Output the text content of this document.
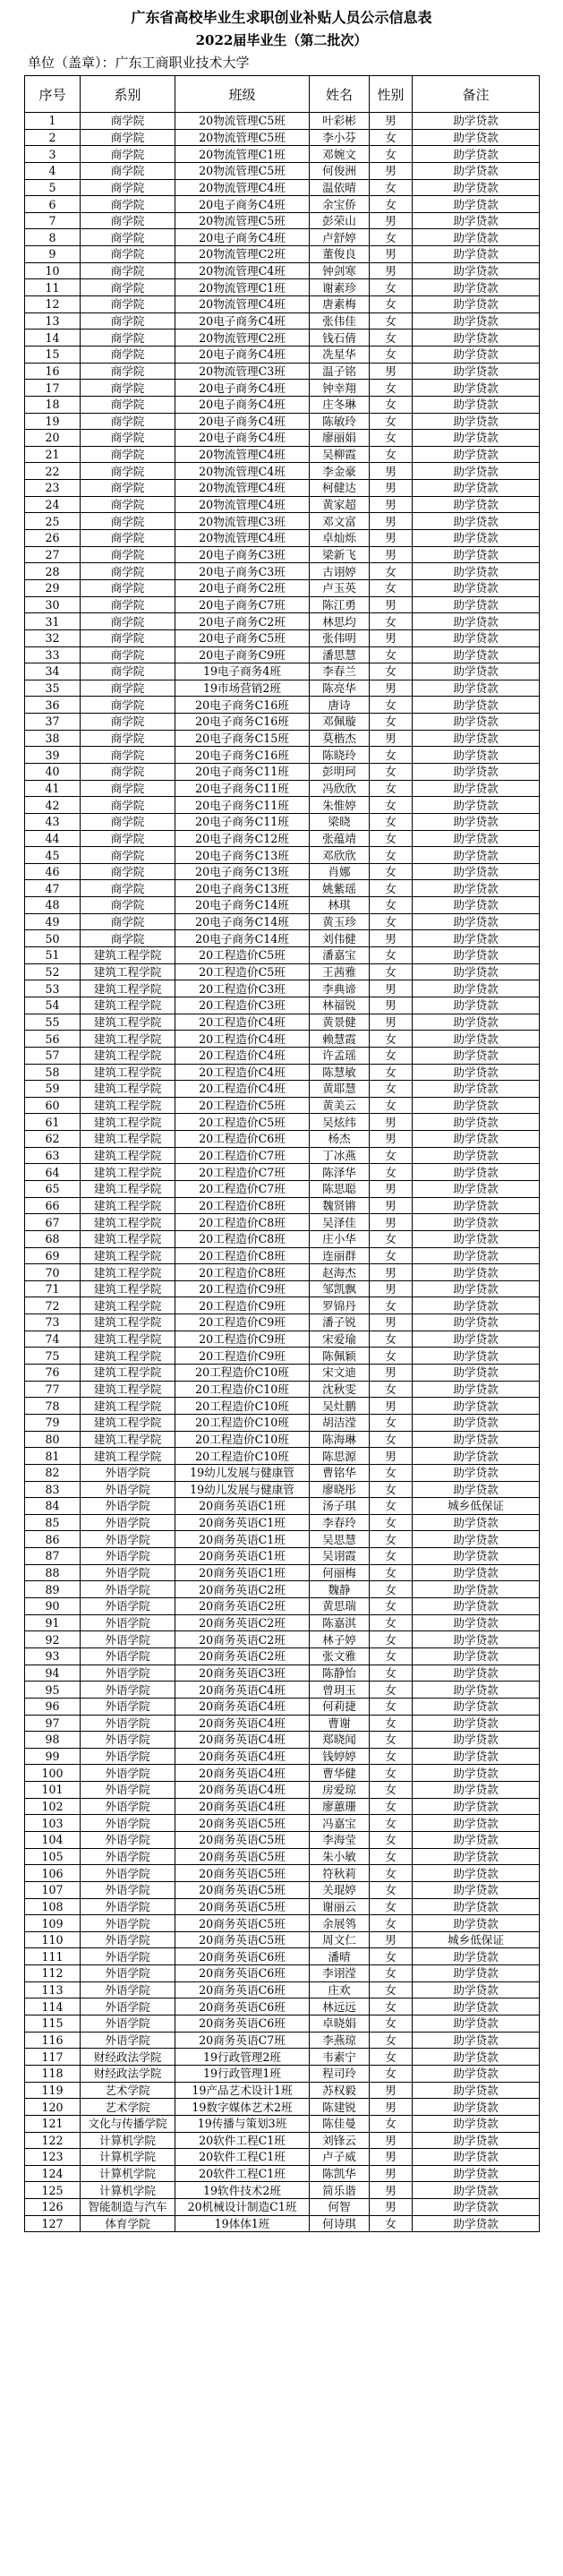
广东省高校毕业生求职创业补贴人员公示信息表
2022届毕业生（第二批次）
单位（盖章）：广东工商职业技术大学
序号	系别	班级	姓名	性别	备注
1	商学院	20物流管理C5班	叶彩彬	男	助学贷款
2	商学院	20物流管理C5班	李小芬	女	助学贷款
3	商学院	20物流管理C1班	邓婉文	女	助学贷款
4	商学院	20物流管理C5班	何俊洲	男	助学贷款
5	商学院	20物流管理C4班	温依晴	女	助学贷款
6	商学院	20电子商务C4班	余宝侨	女	助学贷款
7	商学院	20物流管理C5班	彭荣山	男	助学贷款
8	商学院	20电子商务C4班	卢舒婷	女	助学贷款
9	商学院	20物流管理C2班	董俊良	男	助学贷款
10	商学院	20物流管理C4班	钟剑寒	男	助学贷款
11	商学院	20物流管理C1班	谢素珍	女	助学贷款
12	商学院	20物流管理C4班	唐素梅	女	助学贷款
13	商学院	20电子商务C4班	张伟佳	女	助学贷款
14	商学院	20物流管理C2班	钱石倩	女	助学贷款
15	商学院	20电子商务C4班	冼星华	女	助学贷款
16	商学院	20物流管理C3班	温子铭	男	助学贷款
17	商学院	20电子商务C4班	钟幸翔	女	助学贷款
18	商学院	20电子商务C4班	庄冬琳	女	助学贷款
19	商学院	20电子商务C4班	陈敏玲	女	助学贷款
20	商学院	20电子商务C4班	廖丽娟	女	助学贷款
21	商学院	20物流管理C4班	吴柳霞	女	助学贷款
22	商学院	20物流管理C4班	李金豪	男	助学贷款
23	商学院	20物流管理C4班	柯健达	男	助学贷款
24	商学院	20物流管理C4班	黄家超	男	助学贷款
25	商学院	20物流管理C3班	邓文富	男	助学贷款
26	商学院	20物流管理C4班	卓灿烁	男	助学贷款
27	商学院	20电子商务C3班	梁新飞	男	助学贷款
28	商学院	20电子商务C3班	古诩婷	女	助学贷款
29	商学院	20电子商务C2班	卢玉英	女	助学贷款
30	商学院	20电子商务C7班	陈江勇	男	助学贷款
31	商学院	20电子商务C2班	林思均	女	助学贷款
32	商学院	20电子商务C5班	张伟明	男	助学贷款
33	商学院	20电子商务C9班	潘思慧	女	助学贷款
34	商学院	19电子商务4班	李春兰	女	助学贷款
35	商学院	19市场营销2班	陈亮华	男	助学贷款
36	商学院	20电子商务C16班	唐诗	女	助学贷款
37	商学院	20电子商务C16班	邓佩璇	女	助学贷款
38	商学院	20电子商务C15班	莫楷杰	男	助学贷款
39	商学院	20电子商务C16班	陈晓玲	女	助学贷款
40	商学院	20电子商务C11班	彭明珂	女	助学贷款
41	商学院	20电子商务C11班	冯欣欣	女	助学贷款
42	商学院	20电子商务C11班	朱惟婷	女	助学贷款
43	商学院	20电子商务C11班	梁晓	女	助学贷款
44	商学院	20电子商务C12班	张蕴靖	女	助学贷款
45	商学院	20电子商务C13班	邓欣欣	女	助学贷款
46	商学院	20电子商务C13班	肖娜	女	助学贷款
47	商学院	20电子商务C13班	姚紫瑶	女	助学贷款
48	商学院	20电子商务C14班	林琪	女	助学贷款
49	商学院	20电子商务C14班	黄玉珍	女	助学贷款
50	商学院	20电子商务C14班	刘伟健	男	助学贷款
51	建筑工程学院	20工程造价C5班	潘嘉宝	女	助学贷款
52	建筑工程学院	20工程造价C5班	王茜雅	女	助学贷款
53	建筑工程学院	20工程造价C3班	李典谛	男	助学贷款
54	建筑工程学院	20工程造价C3班	林福锐	男	助学贷款
55	建筑工程学院	20工程造价C4班	黄景健	男	助学贷款
56	建筑工程学院	20工程造价C4班	赖慧霞	女	助学贷款
57	建筑工程学院	20工程造价C4班	许孟瑶	女	助学贷款
58	建筑工程学院	20工程造价C4班	陈慧敏	女	助学贷款
59	建筑工程学院	20工程造价C4班	黄耶慧	女	助学贷款
60	建筑工程学院	20工程造价C5班	黄美云	女	助学贷款
61	建筑工程学院	20工程造价C5班	吴炫纬	男	助学贷款
62	建筑工程学院	20工程造价C6班	杨杰	男	助学贷款
63	建筑工程学院	20工程造价C7班	丁冰燕	女	助学贷款
64	建筑工程学院	20工程造价C7班	陈泽华	女	助学贷款
65	建筑工程学院	20工程造价C7班	陈思聪	男	助学贷款
66	建筑工程学院	20工程造价C8班	魏贤锵	男	助学贷款
67	建筑工程学院	20工程造价C8班	吴泽佳	男	助学贷款
68	建筑工程学院	20工程造价C8班	庄小华	女	助学贷款
69	建筑工程学院	20工程造价C8班	连丽群	女	助学贷款
70	建筑工程学院	20工程造价C8班	赵海杰	男	助学贷款
71	建筑工程学院	20工程造价C9班	邹凯飘	男	助学贷款
72	建筑工程学院	20工程造价C9班	罗锦丹	女	助学贷款
73	建筑工程学院	20工程造价C9班	潘子锐	男	助学贷款
74	建筑工程学院	20工程造价C9班	宋爱瑜	女	助学贷款
75	建筑工程学院	20工程造价C9班	陈佩颖	女	助学贷款
76	建筑工程学院	20工程造价C10班	宋文迪	男	助学贷款
77	建筑工程学院	20工程造价C10班	沈秋雯	女	助学贷款
78	建筑工程学院	20工程造价C10班	吴灶鹏	男	助学贷款
79	建筑工程学院	20工程造价C10班	胡洁滢	女	助学贷款
80	建筑工程学院	20工程造价C10班	陈海琳	女	助学贷款
81	建筑工程学院	20工程造价C10班	陈思源	男	助学贷款
82	外语学院	19幼儿发展与健康管	曹铭华	女	助学贷款
83	外语学院	19幼儿发展与健康管	廖晓彤	女	助学贷款
84	外语学院	20商务英语C1班	汤子琪	女	城乡低保证
85	外语学院	20商务英语C1班	李春玲	女	助学贷款
86	外语学院	20商务英语C1班	吴思慧	女	助学贷款
87	外语学院	20商务英语C1班	吴诩霞	女	助学贷款
88	外语学院	20商务英语C1班	何丽梅	女	助学贷款
89	外语学院	20商务英语C2班	魏静	女	助学贷款
90	外语学院	20商务英语C2班	黄思瑞	女	助学贷款
91	外语学院	20商务英语C2班	陈嘉淇	女	助学贷款
92	外语学院	20商务英语C2班	林子婷	女	助学贷款
93	外语学院	20商务英语C2班	张文雅	女	助学贷款
94	外语学院	20商务英语C3班	陈静怡	女	助学贷款
95	外语学院	20商务英语C4班	曾玥玉	女	助学贷款
96	外语学院	20商务英语C4班	何莉捷	女	助学贷款
97	外语学院	20商务英语C4班	曹谢	女	助学贷款
98	外语学院	20商务英语C4班	郑晓闻	女	助学贷款
99	外语学院	20商务英语C4班	钱婷婷	女	助学贷款
100	外语学院	20商务英语C4班	曹华健	女	助学贷款
101	外语学院	20商务英语C4班	房爱琼	女	助学贷款
102	外语学院	20商务英语C4班	廖蕙珊	女	助学贷款
103	外语学院	20商务英语C5班	冯嘉宝	女	助学贷款
104	外语学院	20商务英语C5班	李海莹	女	助学贷款
105	外语学院	20商务英语C5班	朱小敏	女	助学贷款
106	外语学院	20商务英语C5班	符秋莉	女	助学贷款
107	外语学院	20商务英语C5班	关琨婷	女	助学贷款
108	外语学院	20商务英语C5班	谢丽云	女	助学贷款
109	外语学院	20商务英语C5班	余展鸰	女	助学贷款
110	外语学院	20商务英语C5班	周文仁	男	城乡低保证
111	外语学院	20商务英语C6班	潘晴	女	助学贷款
112	外语学院	20商务英语C6班	李诩滢	女	助学贷款
113	外语学院	20商务英语C6班	庄欢	女	助学贷款
114	外语学院	20商务英语C6班	林远远	女	助学贷款
115	外语学院	20商务英语C6班	卓晓娟	女	助学贷款
116	外语学院	20商务英语C7班	李燕琼	女	助学贷款
117	财经政法学院	19行政管理2班	韦素宁	女	助学贷款
118	财经政法学院	19行政管理1班	程司玲	女	助学贷款
119	艺术学院	19产品艺术设计1班	苏权毅	男	助学贷款
120	艺术学院	19数字媒体艺术2班	陈建锐	男	助学贷款
121	文化与传播学院	19传播与策划3班	陈佳曼	女	助学贷款
122	计算机学院	20软件工程C1班	刘锋云	男	助学贷款
123	计算机学院	20软件工程C1班	卢子威	男	助学贷款
124	计算机学院	20软件工程C1班	陈凯华	男	助学贷款
125	计算机学院	19软件技术2班	简乐谐	男	助学贷款
126	智能制造与汽车	20机械设计制造C1班	何智	男	助学贷款
127	体育学院	19体体1班	何诗琪	女	助学贷款
